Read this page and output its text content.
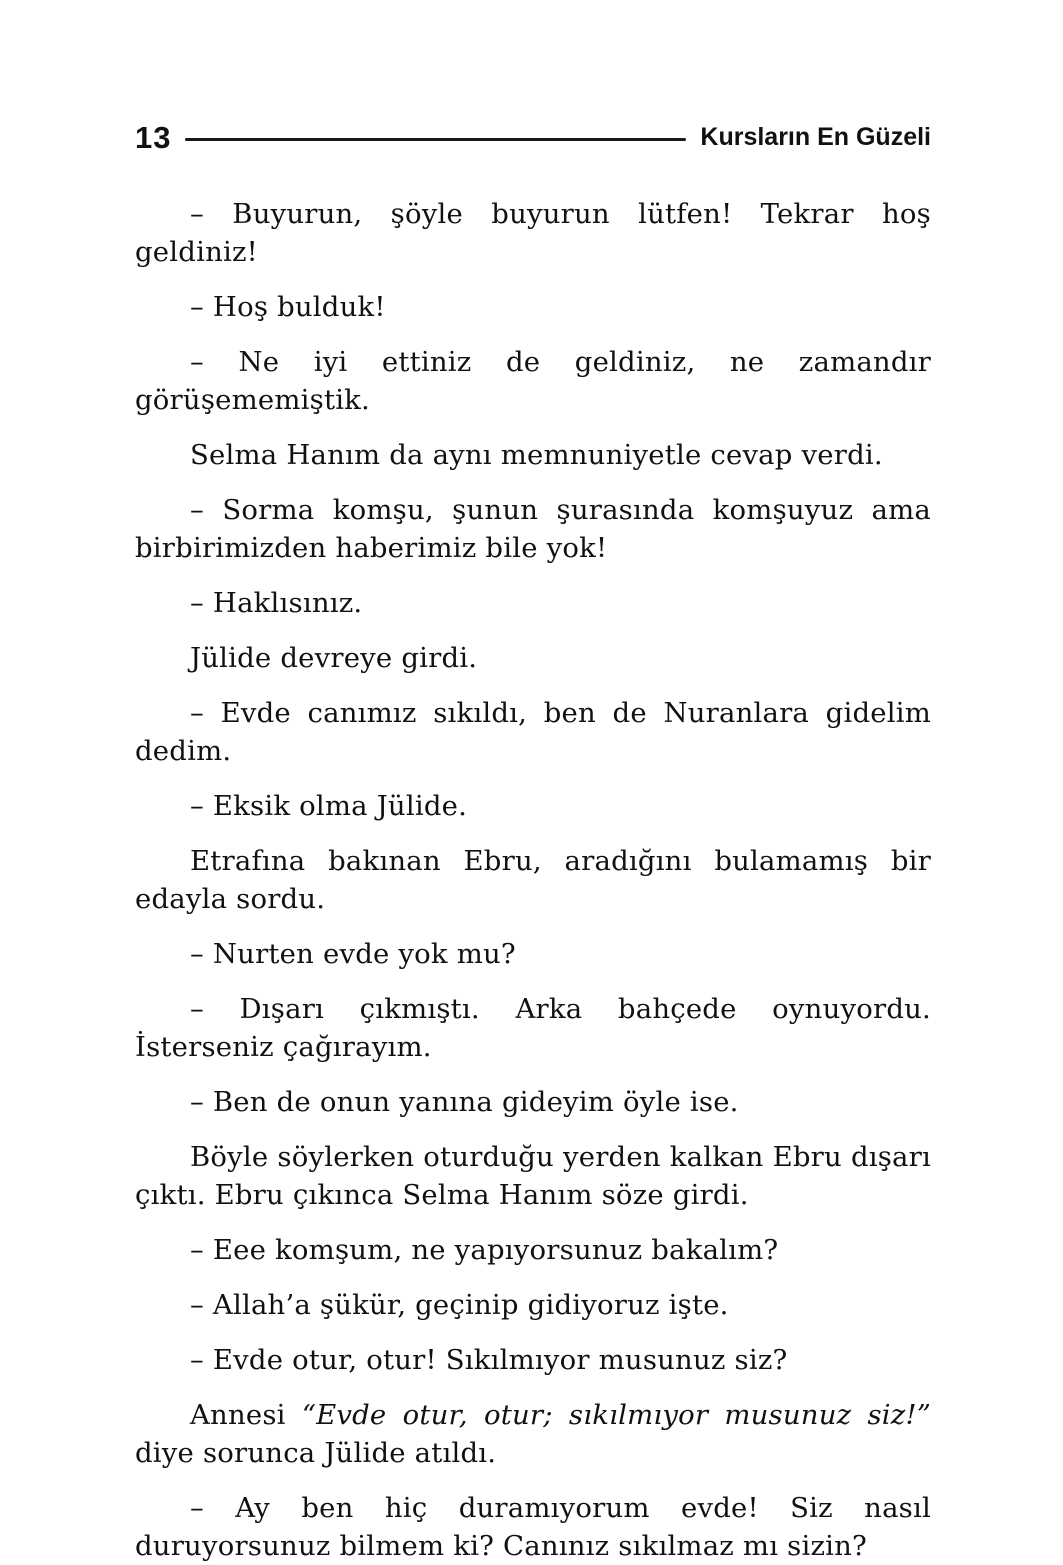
13	Kursların En Güzeli

– Buyurun, şöyle buyurun lütfen! Tekrar hoş geldiniz!

– Hoş bulduk!

– Ne iyi ettiniz de geldiniz, ne zamandır görüşememiştik.

Selma Hanım da aynı memnuniyetle cevap verdi.

– Sorma komşu, şunun şurasında komşuyuz ama birbirimizden haberimiz bile yok!

– Haklısınız.

Jülide devreye girdi.

– Evde canımız sıkıldı, ben de Nuranlara gidelim dedim.

– Eksik olma Jülide.

Etrafına bakınan Ebru, aradığını bulamamış bir edayla sordu.

– Nurten evde yok mu?

– Dışarı çıkmıştı. Arka bahçede oynuyordu. İsterseniz çağırayım.

– Ben de onun yanına gideyim öyle ise.

Böyle söylerken oturduğu yerden kalkan Ebru dışarı çıktı. Ebru çıkınca Selma Hanım söze girdi.

– Eee komşum, ne yapıyorsunuz bakalım?

– Allah’a şükür, geçinip gidiyoruz işte.

– Evde otur, otur! Sıkılmıyor musunuz siz?

Annesi “Evde otur, otur; sıkılmıyor musunuz siz!” diye sorunca Jülide atıldı.

– Ay ben hiç duramıyorum evde! Siz nasıl duruyorsunuz bilmem ki? Canınız sıkılmaz mı sizin?
